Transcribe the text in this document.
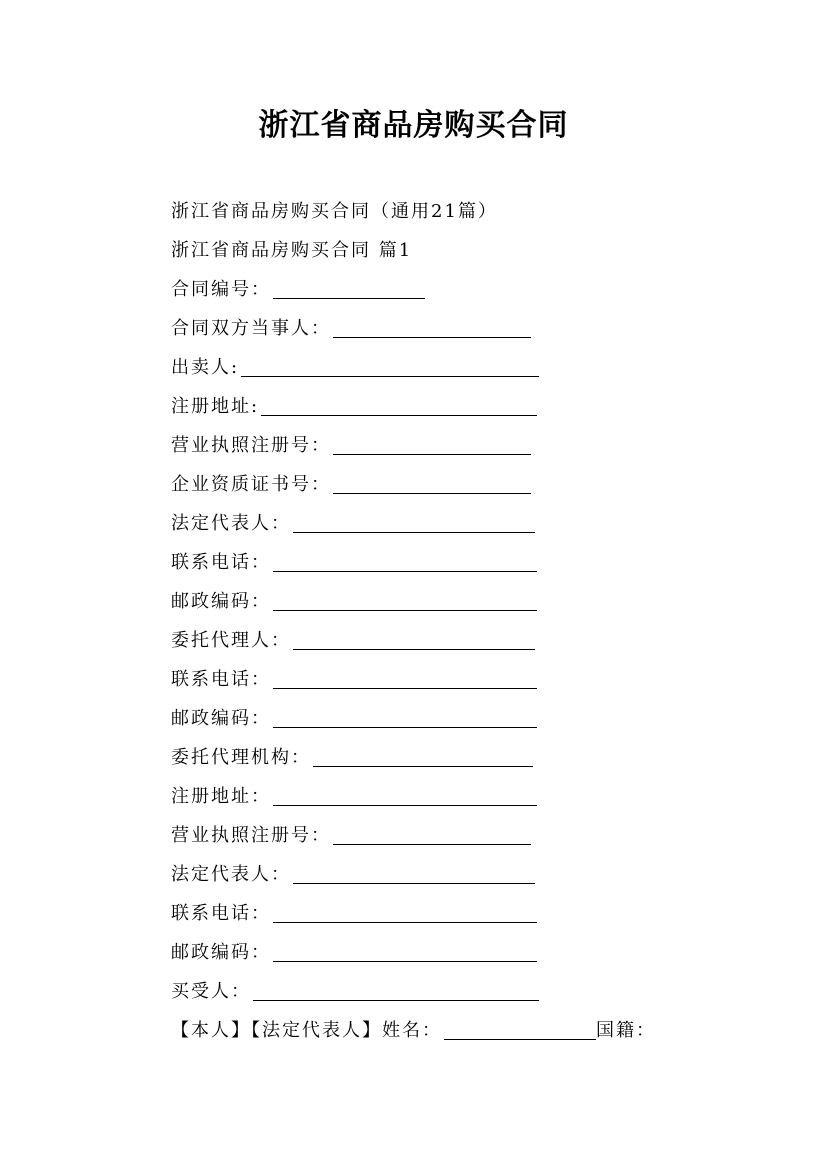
浙江省商品房购买合同
浙江省商品房购买合同（通用21篇）
浙江省商品房购买合同 篇1
合同编号：
合同双方当事人：
出卖人:
注册地址:
营业执照注册号：
企业资质证书号：
法定代表人：
联系电话：
邮政编码：
委托代理人：
联系电话：
邮政编码：
委托代理机构：
注册地址：
营业执照注册号：
法定代表人：
联系电话：
邮政编码：
买受人：
【本人】【法定代表人】姓名：	国籍：
